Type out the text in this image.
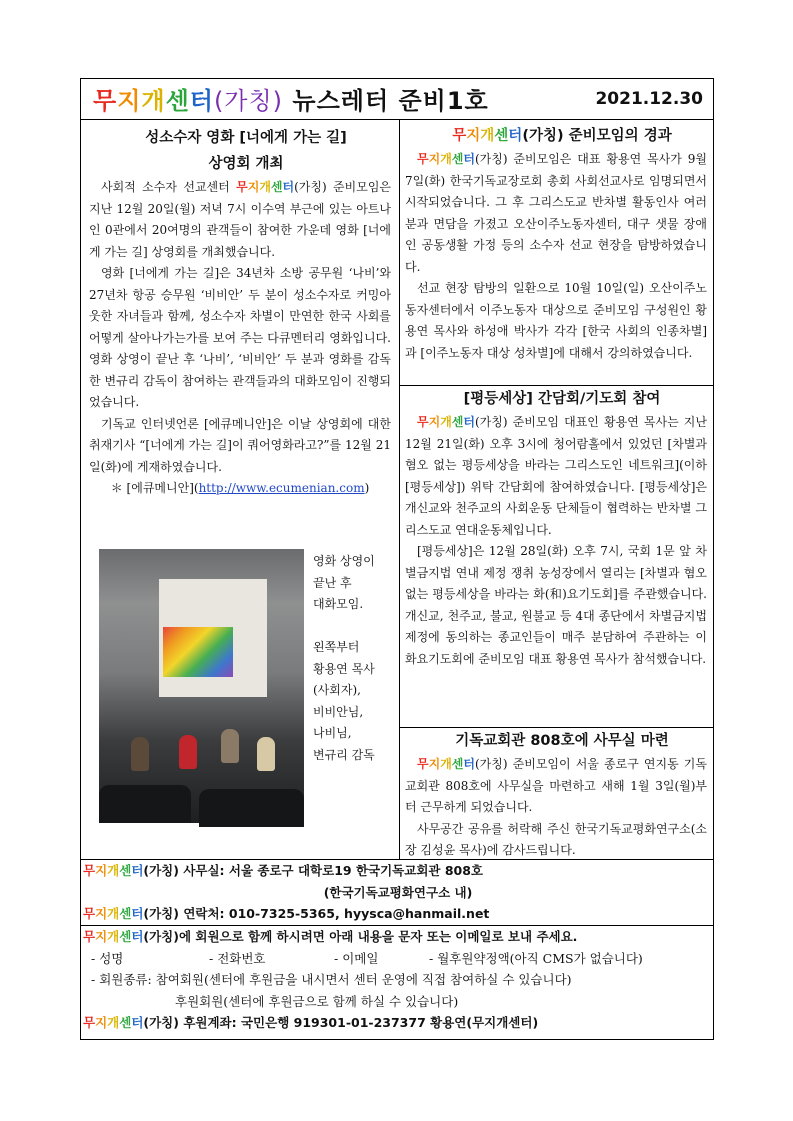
무지개센터(가칭) 뉴스레터 준비1호	2021.12.30

성소수자 영화 [너에게 가는 길]

상영회 개최

사회적 소수자 선교센터 무지개센터(가칭) 준비모임은 지난 12월 20일(월) 저녁 7시 이수역 부근에 있는 아트나인 0관에서 20여명의 관객들이 참여한 가운데 영화 [너에게 가는 길] 상영회를 개최했습니다.

영화 [너에게 가는 길]은 34년차 소방 공무원 ‘나비’와 27년차 항공 승무원 ‘비비안’ 두 분이 성소수자로 커밍아웃한 자녀들과 함께, 성소수자 차별이 만연한 한국 사회를 어떻게 살아나가는가를 보여 주는 다큐멘터리 영화입니다. 영화 상영이 끝난 후 ‘나비’, ‘비비안’ 두 분과 영화를 감독한 변규리 감독이 참여하는 관객들과의 대화모임이 진행되었습니다.

기독교 인터넷언론 [에큐메니안]은 이날 상영회에 대한 취재기사 “[너에게 가는 길]이 쿼어영화라고?”를 12월 21일(화)에 게재하였습니다.

＊ [에큐메니안](http://www.ecumenian.com)
영화 상영이
끝난 후
대화모임.
왼쪽부터
황용연 목사
(사회자),
비비안님,
나비님,
변규리 감독

무지개센터(가칭) 준비모임의 경과

무지개센터(가칭) 준비모임은 대표 황용연 목사가 9월 7일(화) 한국기독교장로회 총회 사회선교사로 임명되면서 시작되었습니다. 그 후 그리스도교 반차별 활동인사 여러 분과 면담을 가졌고 오산이주노동자센터, 대구 샛물 장애인 공동생활 가정 등의 소수자 선교 현장을 탐방하였습니다.

선교 현장 탐방의 일환으로 10월 10일(일) 오산이주노동자센터에서 이주노동자 대상으로 준비모임 구성원인 황용연 목사와 하성애 박사가 각각 [한국 사회의 인종차별]과 [이주노동자 대상 성차별]에 대해서 강의하였습니다.

[평등세상] 간담회/기도회 참여

무지개센터(가칭) 준비모임 대표인 황용연 목사는 지난 12월 21일(화) 오후 3시에 청어람홀에서 있었던 [차별과 혐오 없는 평등세상을 바라는 그리스도인 네트워크](이하 [평등세상]) 위탁 간담회에 참여하였습니다. [평등세상]은 개신교와 천주교의 사회운동 단체들이 협력하는 반차별 그리스도교 연대운동체입니다.

[평등세상]은 12월 28일(화) 오후 7시, 국회 1문 앞 차별금지법 연내 제정 쟁취 농성장에서 열리는 [차별과 혐오 없는 평등세상을 바라는 화(和)요기도회]를 주관했습니다. 개신교, 천주교, 불교, 원불교 등 4대 종단에서 차별금지법 제정에 동의하는 종교인들이 매주 분담하여 주관하는 이 화요기도회에 준비모임 대표 황용연 목사가 참석했습니다.

기독교회관 808호에 사무실 마련

무지개센터(가칭) 준비모임이 서울 종로구 연지동 기독교회관 808호에 사무실을 마련하고 새해 1월 3일(월)부터 근무하게 되었습니다.

사무공간 공유를 허락해 주신 한국기독교평화연구소(소장 김성윤 목사)에 감사드립니다.

무지개센터(가칭) 사무실: 서울 종로구 대학로19 한국기독교회관 808호
(한국기독교평화연구소 내)
무지개센터(가칭) 연락처: 010-7325-5365, hyysca@hanmail.net
무지개센터(가칭)에 회원으로 함께 하시려면 아래 내용을 문자 또는 이메일로 보내 주세요.
- 성명	- 전화번호	- 이메일	- 월후원약정액(아직 CMS가 없습니다)
- 회원종류: 참여회원(센터에 후원금을 내시면서 센터 운영에 직접 참여하실 수 있습니다)
후원회원(센터에 후원금으로 함께 하실 수 있습니다)
무지개센터(가칭) 후원계좌: 국민은행 919301-01-237377 황용연(무지개센터)
